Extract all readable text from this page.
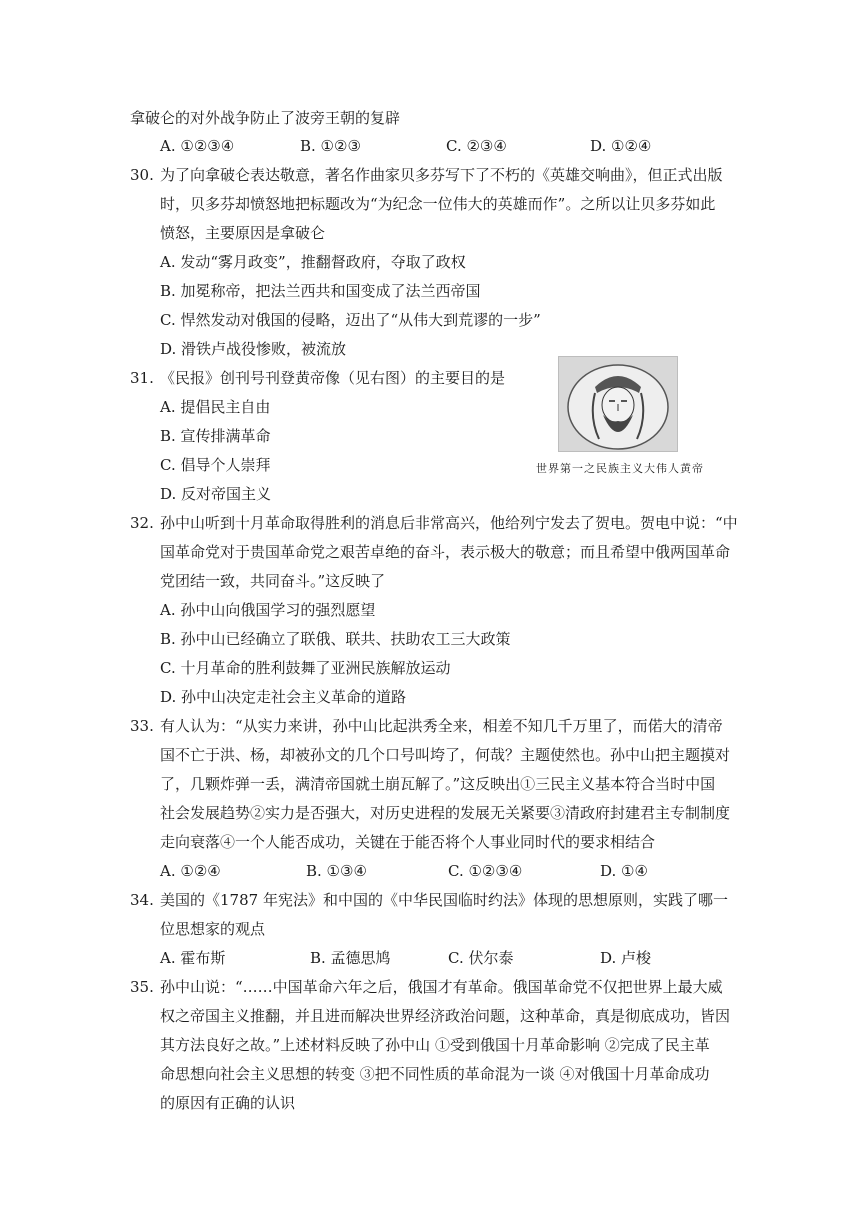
拿破仑的对外战争防止了波旁王朝的复辟
A. ①②③④	B. ①②③	C. ②③④	D. ①②④
30. 为了向拿破仑表达敬意，著名作曲家贝多芬写下了不朽的《英雄交响曲》，但正式出版
时，贝多芬却愤怒地把标题改为“为纪念一位伟大的英雄而作”。之所以让贝多芬如此
愤怒，主要原因是拿破仑
A. 发动“雾月政变”，推翻督政府，夺取了政权
B. 加冕称帝，把法兰西共和国变成了法兰西帝国
C. 悍然发动对俄国的侵略，迈出了“从伟大到荒谬的一步”
D. 滑铁卢战役惨败，被流放
31. 《民报》创刊号刊登黄帝像（见右图）的主要目的是
A. 提倡民主自由
B. 宣传排满革命
C. 倡导个人崇拜
D. 反对帝国主义
世界第一之民族主义大伟人黄帝
32. 孙中山听到十月革命取得胜利的消息后非常高兴，他给列宁发去了贺电。贺电中说：“中
国革命党对于贵国革命党之艰苦卓绝的奋斗，表示极大的敬意；而且希望中俄两国革命
党团结一致，共同奋斗。”这反映了
A. 孙中山向俄国学习的强烈愿望
B. 孙中山已经确立了联俄、联共、扶助农工三大政策
C. 十月革命的胜利鼓舞了亚洲民族解放运动
D. 孙中山决定走社会主义革命的道路
33. 有人认为：“从实力来讲，孙中山比起洪秀全来，相差不知几千万里了，而偌大的清帝
国不亡于洪、杨，却被孙文的几个口号叫垮了，何哉？主题使然也。孙中山把主题摸对
了，几颗炸弹一丢，满清帝国就土崩瓦解了。”这反映出①三民主义基本符合当时中国
社会发展趋势②实力是否强大，对历史进程的发展无关紧要③清政府封建君主专制制度
走向衰落④一个人能否成功，关键在于能否将个人事业同时代的要求相结合
A. ①②④	B. ①③④	C. ①②③④	D. ①④
34. 美国的《1787 年宪法》和中国的《中华民国临时约法》体现的思想原则，实践了哪一
位思想家的观点
A. 霍布斯	B. 孟德思鸠	C. 伏尔泰	D. 卢梭
35. 孙中山说：“……中国革命六年之后，俄国才有革命。俄国革命党不仅把世界上最大威
权之帝国主义推翻，并且进而解决世界经济政治问题，这种革命，真是彻底成功，皆因
其方法良好之故。”上述材料反映了孙中山 ①受到俄国十月革命影响 ②完成了民主革
命思想向社会主义思想的转变 ③把不同性质的革命混为一谈 ④对俄国十月革命成功
的原因有正确的认识
